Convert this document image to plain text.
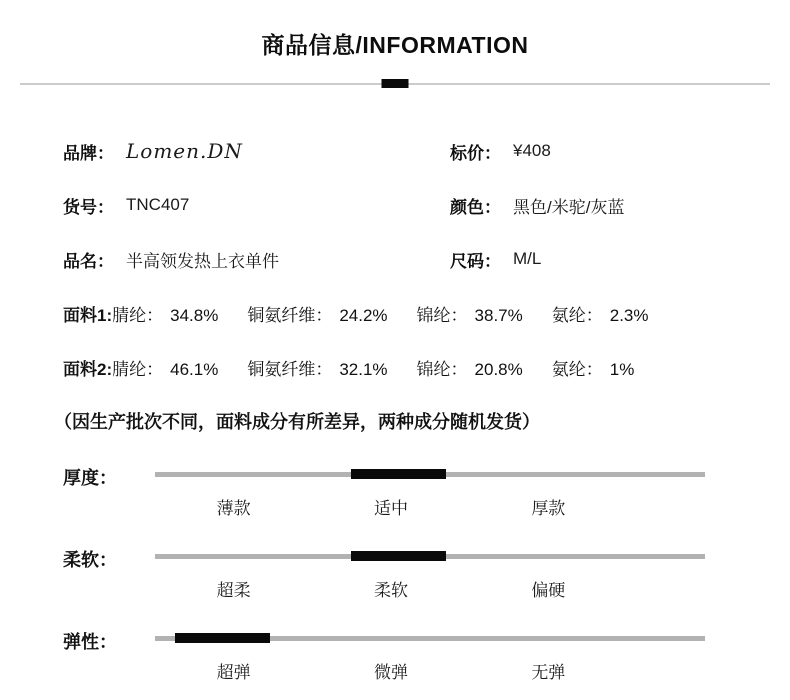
商品信息/INFORMATION
品牌： Lomen.DN	标价： ¥408
货号： TNC407	颜色： 黑色/米驼/灰蓝
品名： 半高领发热上衣单件	尺码： M/L
面料1: 腈纶： 34.8% 铜氨纤维： 24.2% 锦纶： 38.7% 氨纶： 2.3%
面料2: 腈纶： 46.1% 铜氨纤维： 32.1% 锦纶： 20.8% 氨纶： 1%
（因生产批次不同，面料成分有所差异，两种成分随机发货）
厚度：
薄款	适中	厚款
柔软：
超柔	柔软	偏硬
弹性：
超弹	微弹	无弹
